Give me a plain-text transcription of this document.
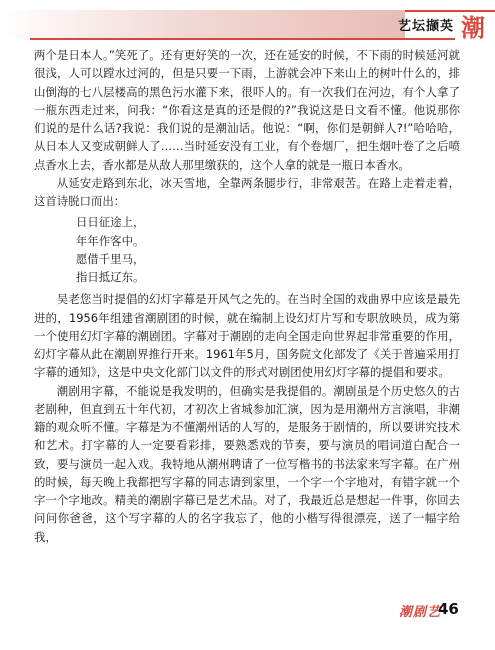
艺坛撷英 潮

两个是日本人。”笑死了。还有更好笑的一次，还在延安的时候，不下雨的时候延河就很浅，人可以蹚水过河的，但是只要一下雨，上游就会冲下来山上的树叶什么的，排山倒海的七八层楼高的黑色污水灌下来，很吓人的。有一次我们在河边，有个人拿了一瓶东西走过来，问我：“你看这是真的还是假的?”我说这是日文看不懂。他说那你们说的是什么话?我说：我们说的是潮汕话。他说：“啊，你们是朝鲜人?!”哈哈哈，从日本人又变成朝鲜人了……当时延安没有工业，有个卷烟厂，把生烟叶卷了之后喷点香水上去，香水都是从敌人那里缴获的，这个人拿的就是一瓶日本香水。

从延安走路到东北，冰天雪地，全靠两条腿步行，非常艰苦。在路上走着走着，这首诗脱口而出：

日日征途上，
年年作客中。
愿借千里马，
指日抵辽东。

吴老您当时提倡的幻灯字幕是开风气之先的。在当时全国的戏曲界中应该是最先进的，1956年组建省潮剧团的时候，就在编制上设幻灯片写和专职放映员，成为第一个使用幻灯字幕的潮剧团。字幕对于潮剧的走向全国走向世界起非常重要的作用，幻灯字幕从此在潮剧界推行开来。1961年5月，国务院文化部发了《关于普遍采用打字幕的通知》，这是中央文化部门以文件的形式对剧团使用幻灯字幕的提倡和要求。

潮剧用字幕，不能说是我发明的，但确实是我提倡的。潮剧虽是个历史悠久的古老剧种，但直到五十年代初，才初次上省城参加汇演，因为是用潮州方言演唱，非潮籍的观众听不懂。字幕是为不懂潮州话的人写的，是服务于剧情的，所以要讲究技术和艺术。打字幕的人一定要看彩排，要熟悉戏的节奏，要与演员的唱词道白配合一致，要与演员一起入戏。我特地从潮州聘请了一位写楷书的书法家来写字幕。在广州的时候，每天晚上我都把写字幕的同志请到家里，一个字一个字地对，有错字就一个字一个字地改。精美的潮剧字幕已是艺术品。对了，我最近总是想起一件事，你回去问问你爸爸，这个写字幕的人的名字我忘了，他的小楷写得很漂亮，送了一幅字给我，

潮剧艺
46
